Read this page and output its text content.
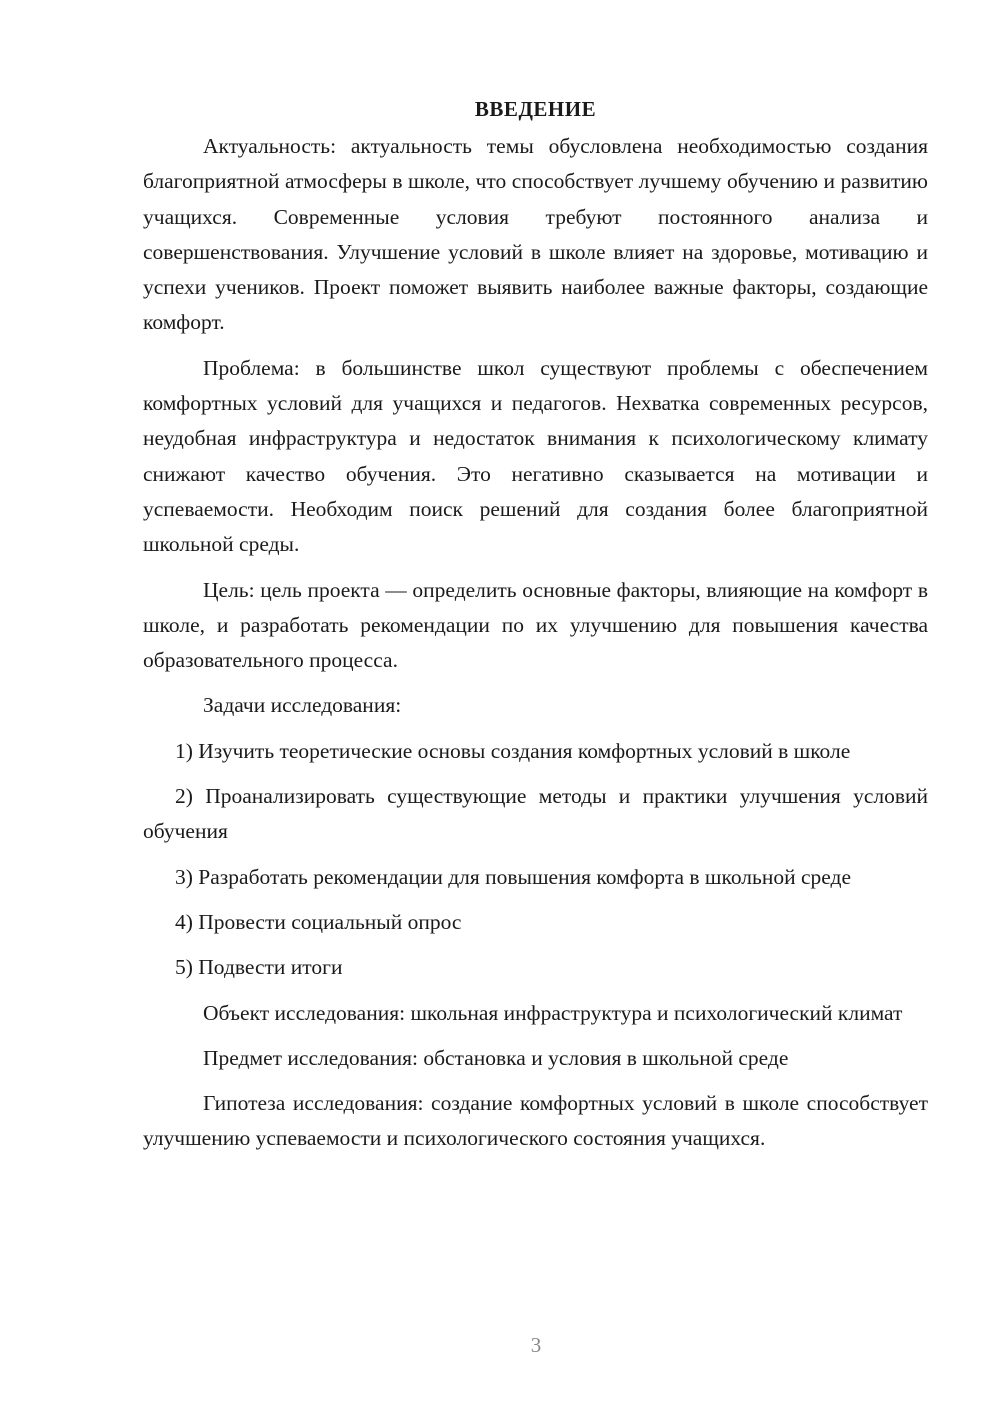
ВВЕДЕНИЕ

Актуальность: актуальность темы обусловлена необходимостью создания благоприятной атмосферы в школе, что способствует лучшему обучению и развитию учащихся. Современные условия требуют постоянного анализа и совершенствования. Улучшение условий в школе влияет на здоровье, мотивацию и успехи учеников. Проект поможет выявить наиболее важные факторы, создающие комфорт.

Проблема: в большинстве школ существуют проблемы с обеспечением комфортных условий для учащихся и педагогов. Нехватка современных ресурсов, неудобная инфраструктура и недостаток внимания к психологическому климату снижают качество обучения. Это негативно сказывается на мотивации и успеваемости. Необходим поиск решений для создания более благоприятной школьной среды.

Цель: цель проекта — определить основные факторы, влияющие на комфорт в школе, и разработать рекомендации по их улучшению для повышения качества образовательного процесса.

Задачи исследования:

1) Изучить теоретические основы создания комфортных условий в школе

2) Проанализировать существующие методы и практики улучшения условий обучения

3) Разработать рекомендации для повышения комфорта в школьной среде

4) Провести социальный опрос

5) Подвести итоги

Объект исследования: школьная инфраструктура и психологический климат

Предмет исследования: обстановка и условия в школьной среде

Гипотеза исследования: создание комфортных условий в школе способствует улучшению успеваемости и психологического состояния учащихся.

3
